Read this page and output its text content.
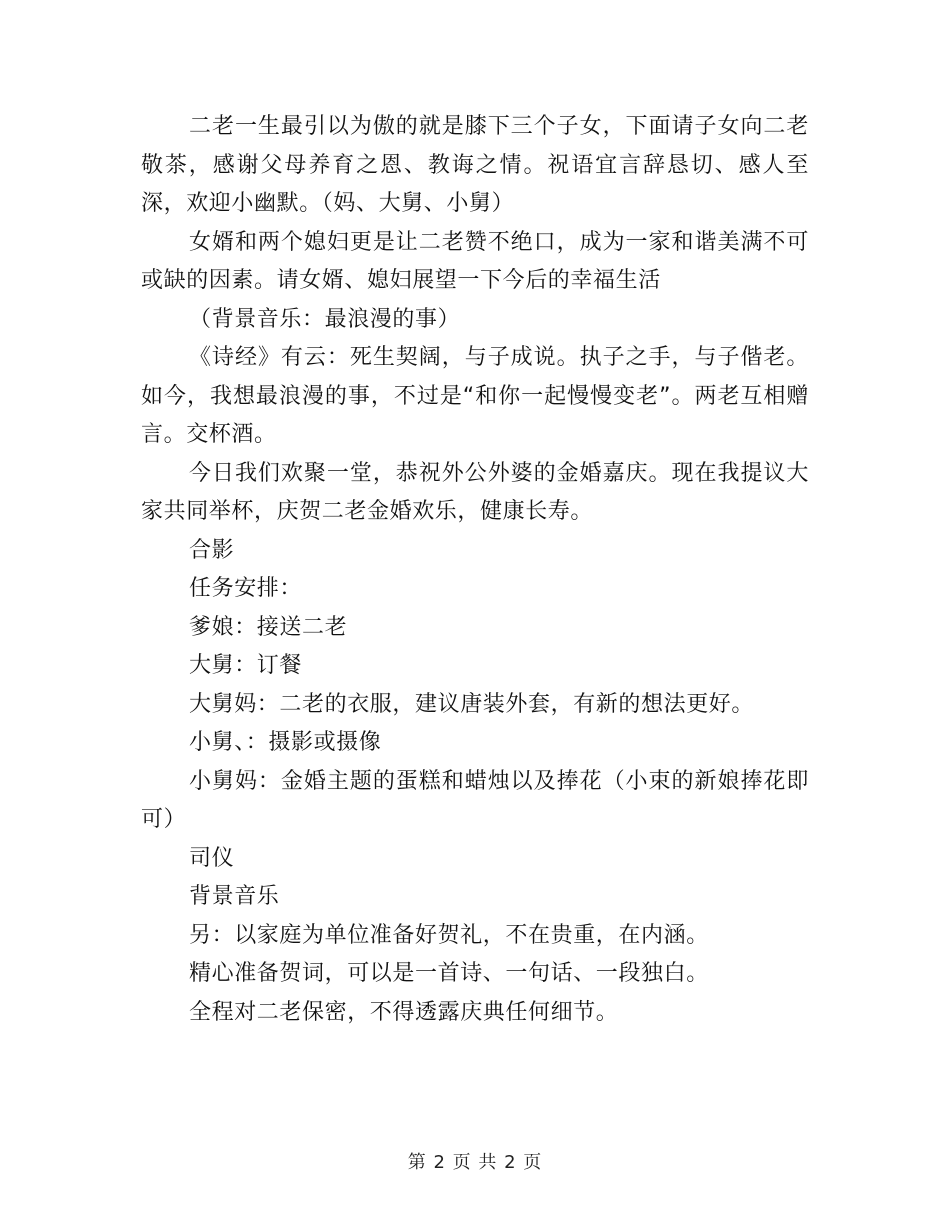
二老一生最引以为傲的就是膝下三个子女，下面请子女向二老敬茶，感谢父母养育之恩、教诲之情。祝语宜言辞恳切、感人至深，欢迎小幽默。（妈、大舅、小舅）

女婿和两个媳妇更是让二老赞不绝口，成为一家和谐美满不可或缺的因素。请女婿、媳妇展望一下今后的幸福生活

（背景音乐：最浪漫的事）

《诗经》有云：死生契阔，与子成说。执子之手，与子偕老。如今，我想最浪漫的事，不过是“和你一起慢慢变老”。两老互相赠言。交杯酒。

今日我们欢聚一堂，恭祝外公外婆的金婚嘉庆。现在我提议大家共同举杯，庆贺二老金婚欢乐，健康长寿。

合影

任务安排：

爹娘：接送二老

大舅：订餐

大舅妈：二老的衣服，建议唐装外套，有新的想法更好。

小舅、：摄影或摄像

小舅妈：金婚主题的蛋糕和蜡烛以及捧花（小束的新娘捧花即可）

司仪

背景音乐

另：以家庭为单位准备好贺礼，不在贵重，在内涵。

精心准备贺词，可以是一首诗、一句话、一段独白。

全程对二老保密，不得透露庆典任何细节。

第 2 页 共 2 页
